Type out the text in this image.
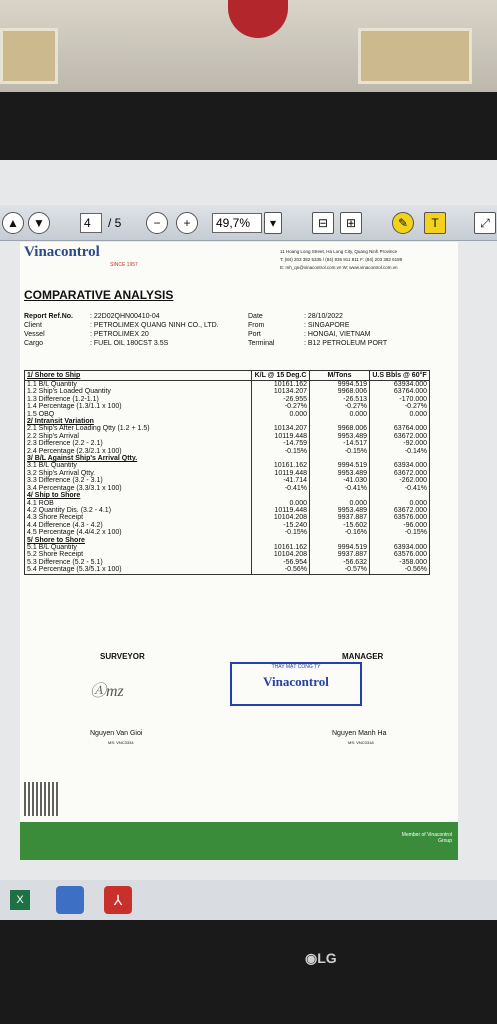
▲	▼	4	/ 5	−	+	49,7%	▾	⊟	⊞	✎	T	⤢
Vinacontrol
SINCE 1957
11 Hoang Long Street, Ha Long City, Quang Ninh Province
T: (84) 203 382 5335 / (84) 936 911 811 F: (84) 203 382 6189
E: mh_qn@vinacontrol.com.vn W: www.vinacontrol.com.vn
COMPARATIVE ANALYSIS
Report Ref.No. : 22D02QHN00410-04
Client	: PETROLIMEX QUANG NINH CO., LTD.
Vessel	: PETROLIMEX 20
Cargo	: FUEL OIL 180CST 3.5S
Date	: 28/10/2022
From	: SINGAPORE
Port	: HONGAI, VIETNAM
Terminal	: B12 PETROLEUM PORT
1/ Shore to Ship	K/L @ 15 Deg.C	M/Tons	U.S Bbls @ 60°F
1.1 B/L Quantity	10161.162	9994.519	63934.000
1.2 Ship's Loaded Quantity	10134.207	9968.006	63764.000
1.3 Difference (1.2-1.1)	-26.955	-26.513	-170.000
1.4 Percentage (1.3/1.1 x 100)	-0.27%	-0.27%	-0.27%
1.5 OBQ	0.000	0.000	0.000
2/ Intransit Variation			
2.1 Ship's After Loading Qtty (1.2 + 1.5)	10134.207	9968.006	63764.000
2.2 Ship's Arrival	10119.448	9953.489	63672.000
2.3 Difference (2.2 - 2.1)	-14.759	-14.517	-92.000
2.4 Percentage (2.3/2.1 x 100)	-0.15%	-0.15%	-0.14%
3/ B/L Against Ship's Arrival Qtty.			
3.1 B/L Quantity	10161.162	9994.519	63934.000
3.2 Ship's Arrival Qtty.	10119.448	9953.489	63672.000
3.3 Difference (3.2 - 3.1)	-41.714	-41.030	-262.000
3.4 Percentage (3.3/3.1 x 100)	-0.41%	-0.41%	-0.41%
4/ Ship to Shore			
4.1 ROB	0.000	0.000	0.000
4.2 Quantity Dis. (3.2 - 4.1)	10119.448	9953.489	63672.000
4.3 Shore Receipt	10104.208	9937.887	63576.000
4.4 Difference (4.3 - 4.2)	-15.240	-15.602	-96.000
4.5 Percentage (4.4/4.2 x 100)	-0.15%	-0.16%	-0.15%
5/ Shore to Shore			
5.1 B/L Quantity	10161.162	9994.519	63934.000
5.2 Shore Receipt	10104.208	9937.887	63576.000
5.3 Difference (5.2 - 5.1)	-56.954	-56.632	-358.000
5.4 Percentage (5.3/5.1 x 100)	-0.56%	-0.57%	-0.56%
SURVEYOR	MANAGER
THAY MẶT CÔNG TY
Vinacontrol
Ⓐmz
Nguyen Van Gioi
MS: VNC3334
Nguyen Manh Ha
MS: VNC0318
Member of Vinacontrol Group
X	⅄
◉LG
